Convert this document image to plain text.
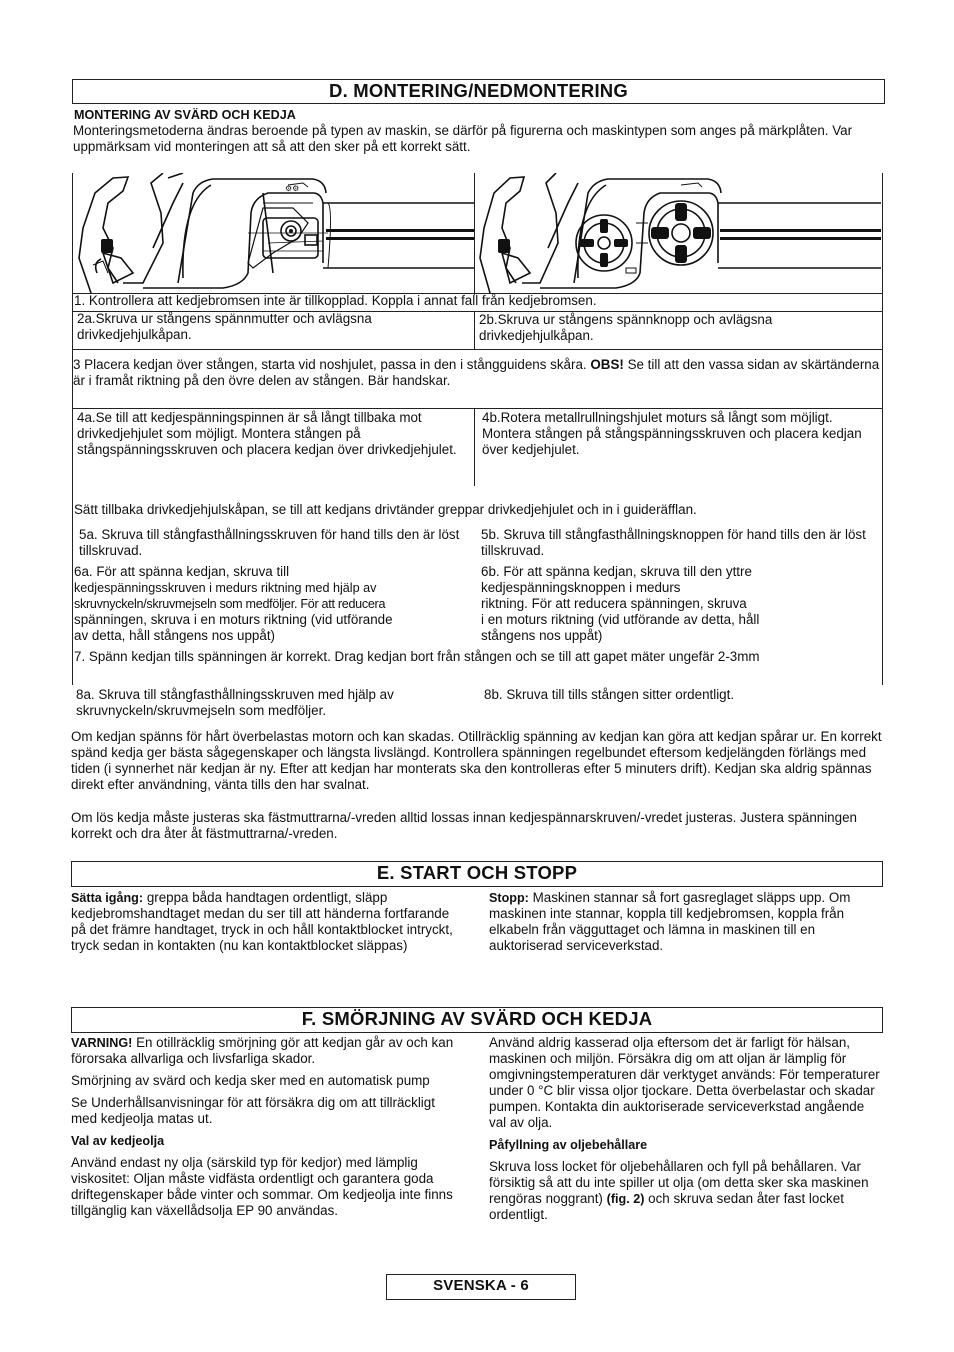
D. MONTERING/NEDMONTERING

MONTERING AV SVÄRD OCH KEDJA

Monteringsmetoderna ändras beroende på typen av maskin, se därför på figurerna och maskintypen som anges på märkplåten. Var uppmärksam vid monteringen att så att den sker på ett korrekt sätt.

⚙⚙

1. Kontrollera att kedjebromsen inte är tillkopplad. Koppla i annat fall från kedjebromsen.

2a.Skruva ur stångens spännmutter och avlägsna drivkedjehjulkåpan.

2b.Skruva ur stångens spännknopp och avlägsna drivkedjehjulkåpan.

3 Placera kedjan över stången, starta vid noshjulet, passa in den i stångguidens skåra. OBS! Se till att den vassa sidan av skärtänderna är i framåt riktning på den övre delen av stången. Bär handskar.

4a.Se till att kedjespänningspinnen är så långt tillbaka mot drivkedjehjulet som möjligt. Montera stången på stångspänningsskruven och placera kedjan över drivkedjehjulet.

4b.Rotera metallrullningshjulet moturs så långt som möjligt. Montera stången på stångspänningsskruven och placera kedjan över kedjehjulet.

Sätt tillbaka drivkedjehjulskåpan, se till att kedjans drivtänder greppar drivkedjehjulet och in i guideräfflan.

5a. Skruva till stångfasthållningsskruven för hand tills den är löst tillskruvad.

5b. Skruva till stångfasthållningsknoppen för hand tills den är löst tillskruvad.

6a. För att spänna kedjan, skruva till

kedjespänningsskruven i medurs riktning med hjälp av

skruvnyckeln/skruvmejseln som medföljer. För att reducera

spänningen, skruva i en moturs riktning (vid utförande

av detta, håll stångens nos uppåt)

6b. För att spänna kedjan, skruva till den yttre

kedjespänningsknoppen i medurs

riktning. För att reducera spänningen, skruva

i en moturs riktning (vid utförande av detta, håll

stångens nos uppåt)

7. Spänn kedjan tills spänningen är korrekt. Drag kedjan bort från stången och se till att gapet mäter ungefär 2-3mm

8a. Skruva till stångfasthållningsskruven med hjälp av skruvnyckeln/skruvmejseln som medföljer.

8b. Skruva till tills stången sitter ordentligt.

Om kedjan spänns för hårt överbelastas motorn och kan skadas. Otillräcklig spänning av kedjan kan göra att kedjan spårar ur. En korrekt spänd kedja ger bästa sågegenskaper och längsta livslängd. Kontrollera spänningen regelbundet eftersom kedjelängden förlängs med tiden (i synnerhet när kedjan är ny. Efter att kedjan har monterats ska den kontrolleras efter 5 minuters drift). Kedjan ska aldrig spännas direkt efter användning, vänta tills den har svalnat.

Om lös kedja måste justeras ska fästmuttrarna/-vreden alltid lossas innan kedjespännarskruven/-vredet justeras. Justera spänningen korrekt och dra åter åt fästmuttrarna/-vreden.

E. START OCH STOPP

Sätta igång: greppa båda handtagen ordentligt, släpp kedjebromshandtaget medan du ser till att händerna fortfarande på det främre handtaget, tryck in och håll kontaktblocket intryckt, tryck sedan in kontakten (nu kan kontaktblocket släppas)

Stopp: Maskinen stannar så fort gasreglaget släpps upp. Om maskinen inte stannar, koppla till kedjebromsen, koppla från elkabeln från vägguttaget och lämna in maskinen till en auktoriserad serviceverkstad.

F. SMÖRJNING AV SVÄRD OCH KEDJA

VARNING! En otillräcklig smörjning gör att kedjan går av och kan förorsaka allvarliga och livsfarliga skador.

Smörjning av svärd och kedja sker med en automatisk pump

Se Underhållsanvisningar för att försäkra dig om att tillräckligt med kedjeolja matas ut.

Val av kedjeolja

Använd endast ny olja (särskild typ för kedjor) med lämplig viskositet: Oljan måste vidfästa ordentligt och garantera goda driftegenskaper både vinter och sommar. Om kedjeolja inte finns tillgänglig kan växellådsolja EP 90 användas.

Använd aldrig kasserad olja eftersom det är farligt för hälsan, maskinen och miljön. Försäkra dig om att oljan är lämplig för omgivningstemperaturen där verktyget används: För temperaturer under 0 °C blir vissa oljor tjockare. Detta överbelastar och skadar pumpen. Kontakta din auktoriserade serviceverkstad angående val av olja.

Påfyllning av oljebehållare

Skruva loss locket för oljebehållaren och fyll på behållaren. Var försiktig så att du inte spiller ut olja (om detta sker ska maskinen rengöras noggrant) (fig. 2) och skruva sedan åter fast locket ordentligt.

SVENSKA - 6
